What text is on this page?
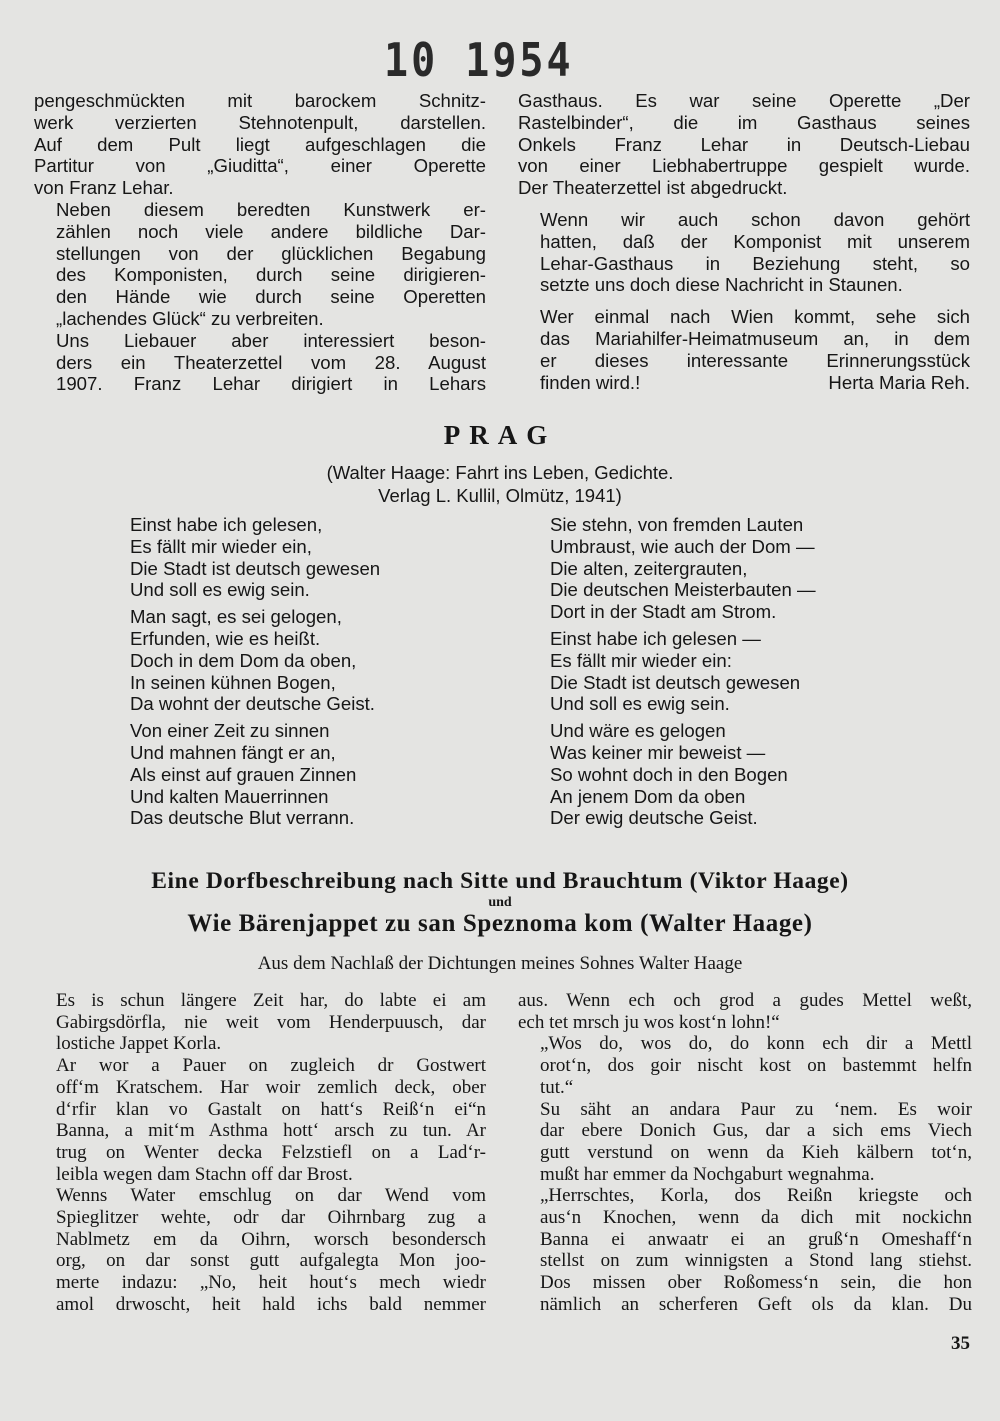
10 1954

pengeschmückten mit barockem Schnitz-
werk verzierten Stehnotenpult, darstellen.
Auf dem Pult liegt aufgeschlagen die
Partitur von „Giuditta“, einer Operette
von Franz Lehar.

Neben diesem beredten Kunstwerk er-
zählen noch viele andere bildliche Dar-
stellungen von der glücklichen Begabung
des Komponisten, durch seine dirigieren-
den Hände wie durch seine Operetten
„lachendes Glück“ zu verbreiten.

Uns Liebauer aber interessiert beson-
ders ein Theaterzettel vom 28. August
1907. Franz Lehar dirigiert in Lehars

Gasthaus. Es war seine Operette „Der
Rastelbinder“, die im Gasthaus seines
Onkels Franz Lehar in Deutsch-Liebau
von einer Liebhabertruppe gespielt wurde.
Der Theaterzettel ist abgedruckt.

Wenn wir auch schon davon gehört
hatten, daß der Komponist mit unserem
Lehar-Gasthaus in Beziehung steht, so
setzte uns doch diese Nachricht in Staunen.

Wer einmal nach Wien kommt, sehe sich
das Mariahilfer-Heimatmuseum an, in dem
er dieses interessante Erinnerungsstück
finden wird.!	Herta Maria Reh.

PRAG
(Walter Haage: Fahrt ins Leben, Gedichte.
Verlag L. Kullil, Olmütz, 1941)
Einst habe ich gelesen,
Es fällt mir wieder ein,
Die Stadt ist deutsch gewesen
Und soll es ewig sein.
Man sagt, es sei gelogen,
Erfunden, wie es heißt.
Doch in dem Dom da oben,
In seinen kühnen Bogen,
Da wohnt der deutsche Geist.
Von einer Zeit zu sinnen
Und mahnen fängt er an,
Als einst auf grauen Zinnen
Und kalten Mauerrinnen
Das deutsche Blut verrann.
Sie stehn, von fremden Lauten
Umbraust, wie auch der Dom —
Die alten, zeitergrauten,
Die deutschen Meisterbauten —
Dort in der Stadt am Strom.
Einst habe ich gelesen —
Es fällt mir wieder ein:
Die Stadt ist deutsch gewesen
Und soll es ewig sein.
Und wäre es gelogen
Was keiner mir beweist —
So wohnt doch in den Bogen
An jenem Dom da oben
Der ewig deutsche Geist.
Eine Dorfbeschreibung nach Sitte und Brauchtum (Viktor Haage)
und
Wie Bärenjappet zu san Speznoma kom (Walter Haage)
Aus dem Nachlaß der Dichtungen meines Sohnes Walter Haage

Es is schun längere Zeit har, do labte ei am
Gabirgsdörfla, nie weit vom Henderpuusch, dar
lostiche Jappet Korla.

Ar wor a Pauer on zugleich dr Gostwert
off‘m Kratschem. Har woir zemlich deck, ober
d‘rfir klan vo Gastalt on hatt‘s Reiß‘n ei“n
Banna, a mit‘m Asthma hott‘ arsch zu tun. Ar
trug on Wenter decka Felzstiefl on a Lad‘r-
leibla wegen dam Stachn off dar Brost.

Wenns Water emschlug on dar Wend vom
Spieglitzer wehte, odr dar Oihrnbarg zug a
Nablmetz em da Oihrn, worsch besondersch
org, on dar sonst gutt aufgalegta Mon joo-
merte indazu: „No, heit hout‘s mech wiedr
amol drwoscht, heit hald ichs bald nemmer

aus. Wenn ech och grod a gudes Mettel weßt,
ech tet mrsch ju wos kost‘n lohn!“

„Wos do, wos do, do konn ech dir a Mettl
orot‘n, dos goir nischt kost on bastemmt helfn
tut.“

Su säht an andara Paur zu ‘nem. Es woir
dar ebere Donich Gus, dar a sich ems Viech
gutt verstund on wenn da Kieh kälbern tot‘n,
mußt har emmer da Nochgaburt wegnahma.

„Herrschtes, Korla, dos Reißn kriegste och
aus‘n Knochen, wenn da dich mit nockichn
Banna ei anwaatr ei an gruß‘n Omeshaff‘n
stellst on zum winnigsten a Stond lang stiehst.
Dos missen ober Roßomess‘n sein, die hon
nämlich an scherferen Geft ols da klan. Du

35
